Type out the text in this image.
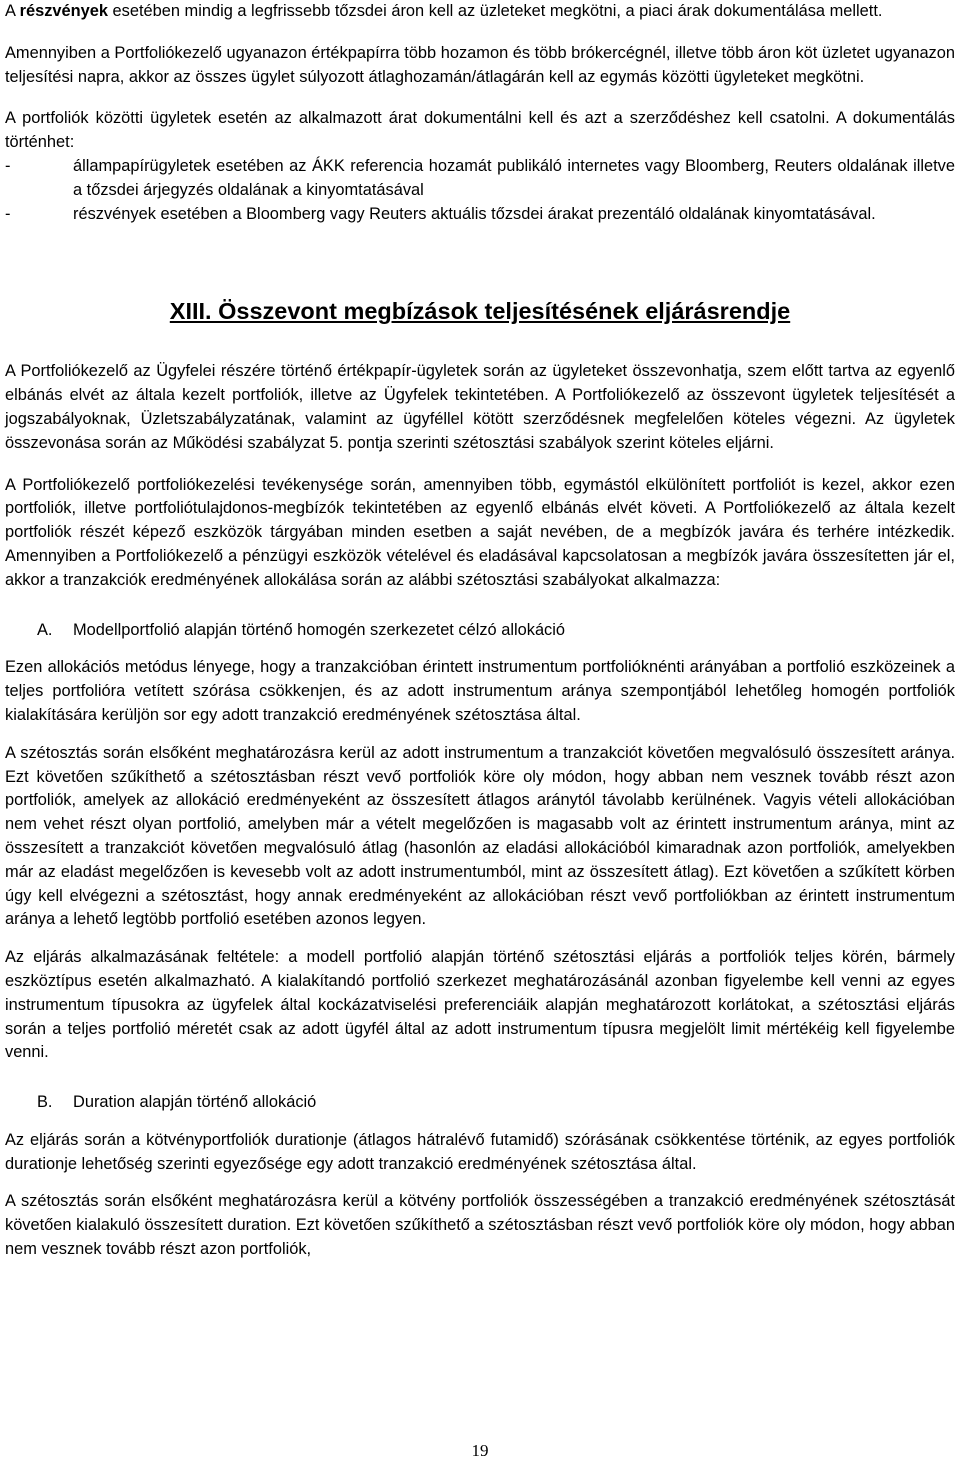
A részvények esetében mindig a legfrissebb tőzsdei áron kell az üzleteket megkötni, a piaci árak dokumentálása mellett.

Amennyiben a Portfoliókezelő ugyanazon értékpapírra több hozamon és több brókercégnél, illetve több áron köt üzletet ugyanazon teljesítési napra, akkor az összes ügylet súlyozott átlaghozamán/átlagárán kell az egymás közötti ügyleteket megkötni.

A portfoliók közötti ügyletek esetén az alkalmazott árat dokumentálni kell és azt a szerződéshez kell csatolni. A dokumentálás történhet:

-	állampapírügyletek esetében az ÁKK referencia hozamát publikáló internetes vagy Bloomberg, Reuters oldalának illetve a tőzsdei árjegyzés oldalának a kinyomtatásával
-	részvények esetében a Bloomberg vagy Reuters aktuális tőzsdei árakat prezentáló oldalának kinyomtatásával.
XIII. Összevont megbízások teljesítésének eljárásrendje

A Portfoliókezelő az Ügyfelei részére történő értékpapír-ügyletek során az ügyleteket összevonhatja, szem előtt tartva az egyenlő elbánás elvét az általa kezelt portfoliók, illetve az Ügyfelek tekintetében. A Portfoliókezelő az összevont ügyletek teljesítését a jogszabályoknak, Üzletszabályzatának, valamint az ügyféllel kötött szerződésnek megfelelően köteles végezni. Az ügyletek összevonása során az Működési szabályzat 5. pontja szerinti szétosztási szabályok szerint köteles eljárni.

A Portfoliókezelő portfoliókezelési tevékenysége során, amennyiben több, egymástól elkülönített portfoliót is kezel, akkor ezen portfoliók, illetve portfoliótulajdonos-megbízók tekintetében az egyenlő elbánás elvét követi. A Portfoliókezelő az általa kezelt portfoliók részét képező eszközök tárgyában minden esetben a saját nevében, de a megbízók javára és terhére intézkedik. Amennyiben a Portfoliókezelő a pénzügyi eszközök vételével és eladásával kapcsolatosan a megbízók javára összesítetten jár el, akkor a tranzakciók eredményének allokálása során az alábbi szétosztási szabályokat alkalmazza:

A. Modellportfolió alapján történő homogén szerkezetet célzó allokáció

Ezen allokációs metódus lényege, hogy a tranzakcióban érintett instrumentum portfolióknénti arányában a portfolió eszközeinek a teljes portfolióra vetített szórása csökkenjen, és az adott instrumentum aránya szempontjából lehetőleg homogén portfoliók kialakítására kerüljön sor egy adott tranzakció eredményének szétosztása által.

A szétosztás során elsőként meghatározásra kerül az adott instrumentum a tranzakciót követően megvalósuló összesített aránya. Ezt követően szűkíthető a szétosztásban részt vevő portfoliók köre oly módon, hogy abban nem vesznek tovább részt azon portfoliók, amelyek az allokáció eredményeként az összesített átlagos aránytól távolabb kerülnének. Vagyis vételi allokációban nem vehet részt olyan portfolió, amelyben már a vételt megelőzően is magasabb volt az érintett instrumentum aránya, mint az összesített a tranzakciót követően megvalósuló átlag (hasonlón az eladási allokációból kimaradnak azon portfoliók, amelyekben már az eladást megelőzően is kevesebb volt az adott instrumentumból, mint az összesített átlag). Ezt követően a szűkített körben úgy kell elvégezni a szétosztást, hogy annak eredményeként az allokációban részt vevő portfoliókban az érintett instrumentum aránya a lehető legtöbb portfolió esetében azonos legyen.

Az eljárás alkalmazásának feltétele: a modell portfolió alapján történő szétosztási eljárás a portfoliók teljes körén, bármely eszköztípus esetén alkalmazható. A kialakítandó portfolió szerkezet meghatározásánál azonban figyelembe kell venni az egyes instrumentum típusokra az ügyfelek által kockázatviselési preferenciáik alapján meghatározott korlátokat, a szétosztási eljárás során a teljes portfolió méretét csak az adott ügyfél által az adott instrumentum típusra megjelölt limit mértékéig kell figyelembe venni.

B. Duration alapján történő allokáció

Az eljárás során a kötvényportfoliók durationje (átlagos hátralévő futamidő) szórásának csökkentése történik, az egyes portfoliók durationje lehetőség szerinti egyezősége egy adott tranzakció eredményének szétosztása által.

A szétosztás során elsőként meghatározásra kerül a kötvény portfoliók összességében a tranzakció eredményének szétosztását követően kialakuló összesített duration. Ezt követően szűkíthető a szétosztásban részt vevő portfoliók köre oly módon, hogy abban nem vesznek tovább részt azon portfoliók,

19
